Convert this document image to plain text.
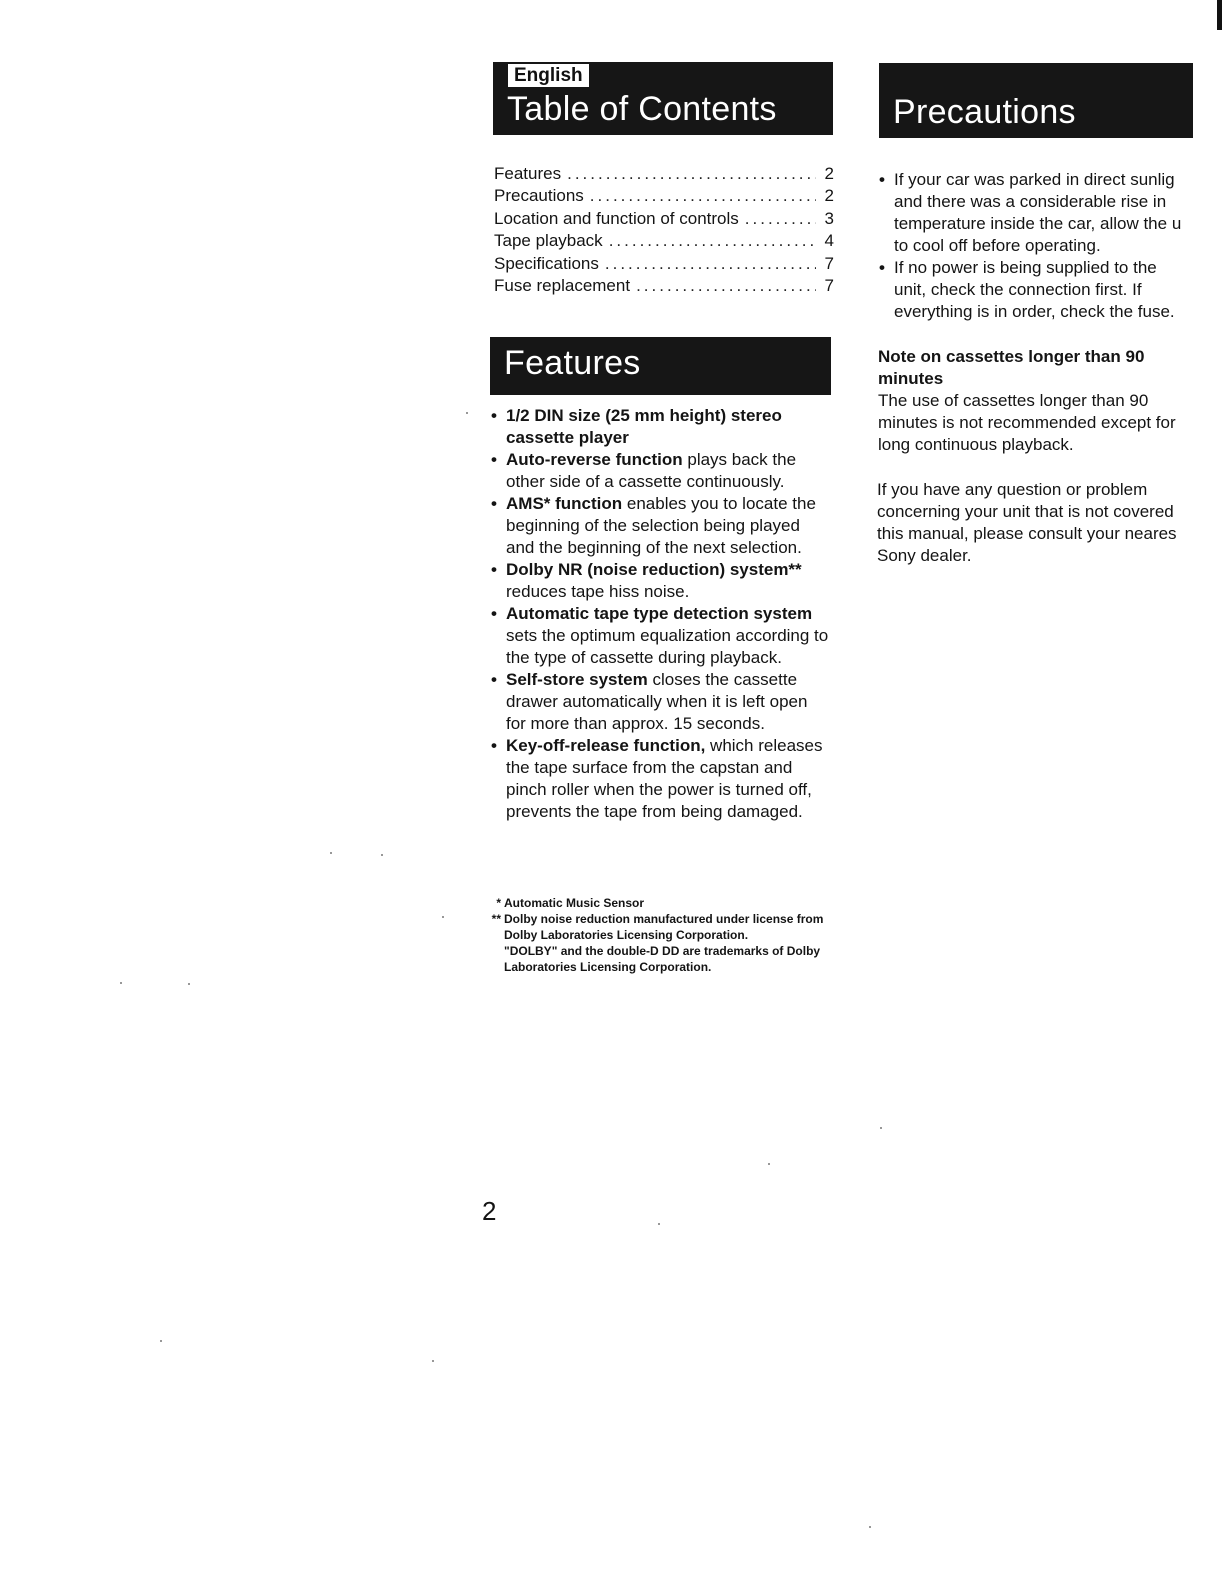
English
Table of Contents	Precautions
Features .....	2
Precautions .....	2
Location and function of controls .....	3
Tape playback .....	4
Specifications .....	7
Fuse replacement .....	7
Features
• 1/2 DIN size (25 mm height) stereo cassette player
• Auto-reverse function plays back the other side of a cassette continuously.
• AMS* function enables you to locate the beginning of the selection being played and the beginning of the next selection.
• Dolby NR (noise reduction) system** reduces tape hiss noise.
• Automatic tape type detection system sets the optimum equalization according to the type of cassette during playback.
• Self-store system closes the cassette drawer automatically when it is left open for more than approx. 15 seconds.
• Key-off-release function, which releases the tape surface from the capstan and pinch roller when the power is turned off, prevents the tape from being damaged.
* Automatic Music Sensor
** Dolby noise reduction manufactured under license from Dolby Laboratories Licensing Corporation.
"DOLBY" and the double-D DD are trademarks of Dolby Laboratories Licensing Corporation.
• If your car was parked in direct sunlig and there was a considerable rise in temperature inside the car, allow the u to cool off before operating.
• If no power is being supplied to the unit, check the connection first. If everything is in order, check the fuse.
Note on cassettes longer than 90 minutes
The use of cassettes longer than 90 minutes is not recommended except for long continuous playback.
If you have any question or problem concerning your unit that is not covered this manual, please consult your neares Sony dealer.
2
